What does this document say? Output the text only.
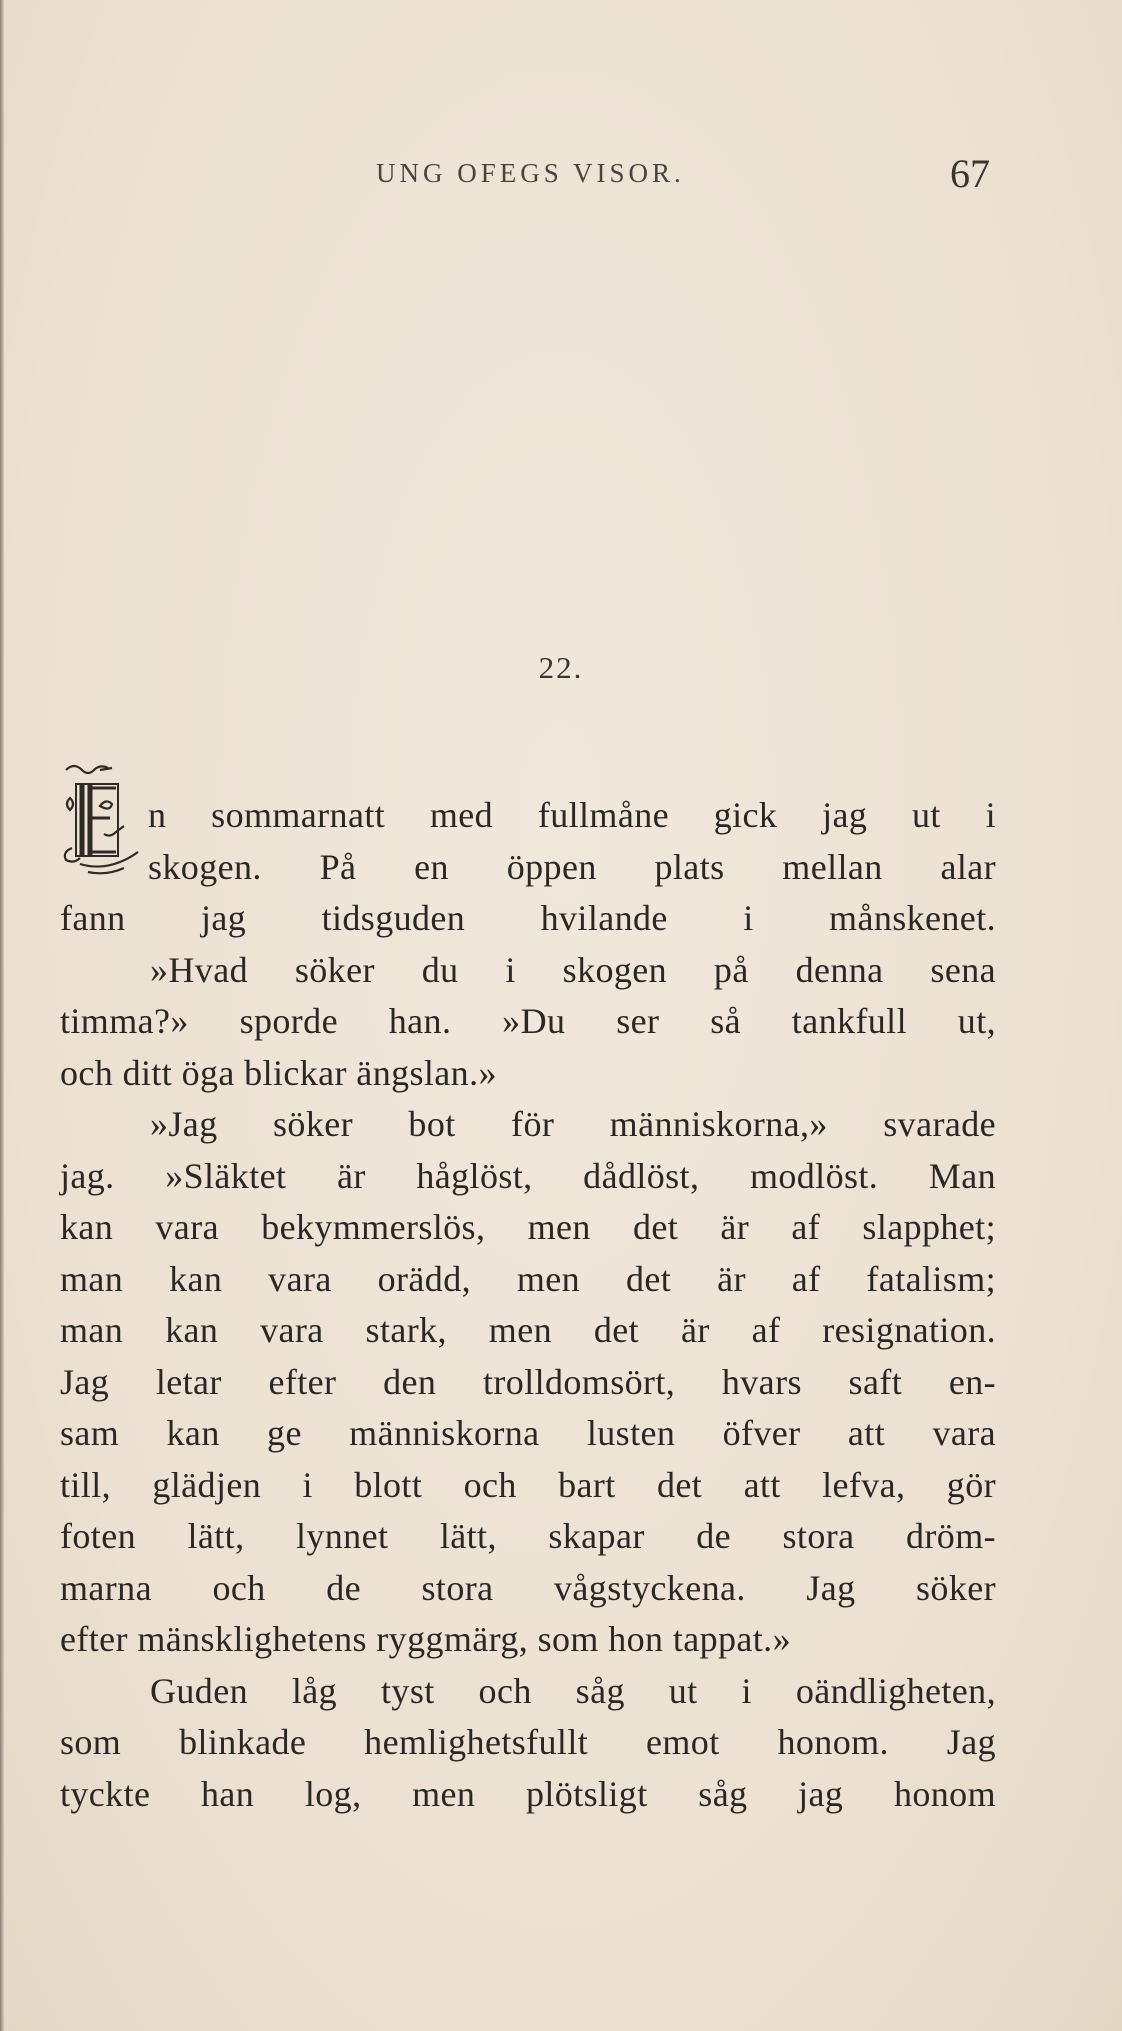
UNG OFEGS VISOR.	67
22.
n sommarnatt med fullmåne gick jag ut i
skogen. På en öppen plats mellan alar
fann jag tidsguden hvilande i månskenet.
»Hvad söker du i skogen på denna sena
timma?» sporde han. »Du ser så tankfull ut,
och ditt öga blickar ängslan.»
»Jag söker bot för människorna,» svarade
jag. »Släktet är håglöst, dådlöst, modlöst. Man
kan vara bekymmerslös, men det är af slapphet;
man kan vara orädd, men det är af fatalism;
man kan vara stark, men det är af resignation.
Jag letar efter den trolldomsört, hvars saft en-
sam kan ge människorna lusten öfver att vara
till, glädjen i blott och bart det att lefva, gör
foten lätt, lynnet lätt, skapar de stora dröm-
marna och de stora vågstyckena. Jag söker
efter mänsklighetens ryggmärg, som hon tappat.»
Guden låg tyst och såg ut i oändligheten,
som blinkade hemlighetsfullt emot honom. Jag
tyckte han log, men plötsligt såg jag honom
